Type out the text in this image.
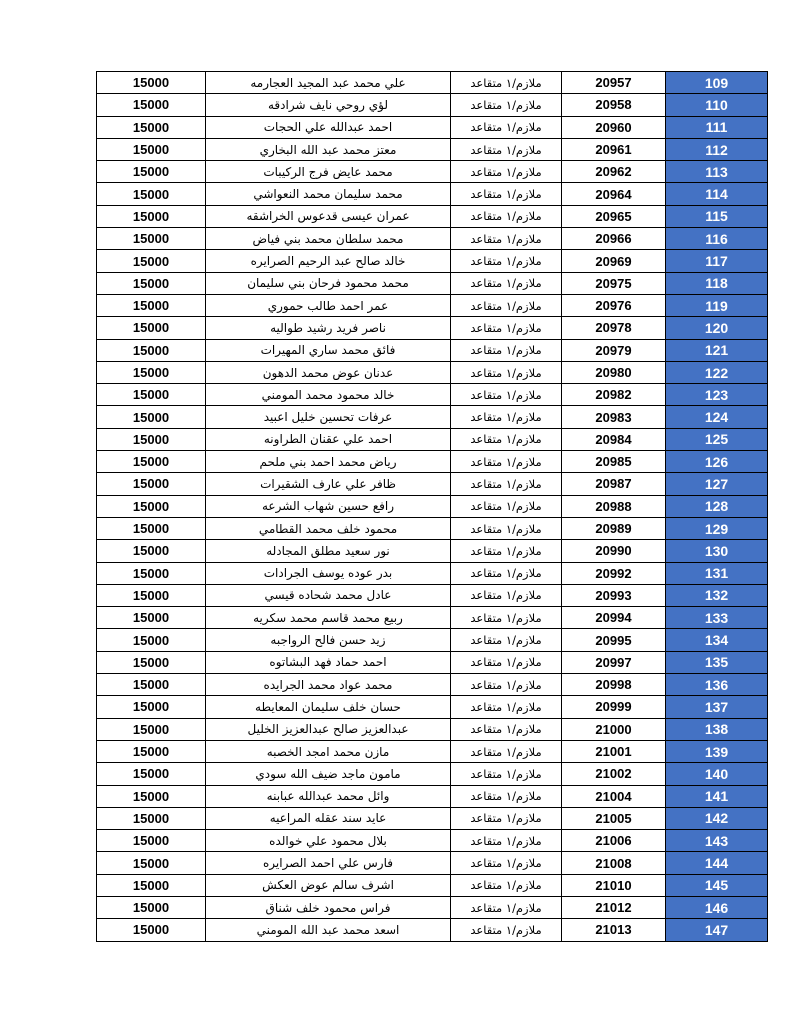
15000	علي محمد عبد المجيد العجارمه	ملازم/١ متقاعد	20957	109
15000	لؤي روحي نايف شرادقه	ملازم/١ متقاعد	20958	110
15000	احمد عبدالله علي الحجات	ملازم/١ متقاعد	20960	111
15000	معتز محمد عبد الله البخاري	ملازم/١ متقاعد	20961	112
15000	محمد عايض فرج الركيبات	ملازم/١ متقاعد	20962	113
15000	محمد سليمان محمد النعواشي	ملازم/١ متقاعد	20964	114
15000	عمران عيسى قدعوس الخراشقه	ملازم/١ متقاعد	20965	115
15000	محمد سلطان محمد بني فياض	ملازم/١ متقاعد	20966	116
15000	خالد صالح عبد الرحيم الصرايره	ملازم/١ متقاعد	20969	117
15000	محمد محمود فرحان بني سليمان	ملازم/١ متقاعد	20975	118
15000	عمر احمد طالب حموري	ملازم/١ متقاعد	20976	119
15000	ناصر فريد رشيد طواليه	ملازم/١ متقاعد	20978	120
15000	فائق محمد ساري المهيرات	ملازم/١ متقاعد	20979	121
15000	عدنان عوض محمد الدهون	ملازم/١ متقاعد	20980	122
15000	خالد محمود محمد المومني	ملازم/١ متقاعد	20982	123
15000	عرفات تحسين خليل اعبيد	ملازم/١ متقاعد	20983	124
15000	احمد علي عقنان الطراونه	ملازم/١ متقاعد	20984	125
15000	رياض محمد احمد بني ملحم	ملازم/١ متقاعد	20985	126
15000	ظافر علي عارف الشقيرات	ملازم/١ متقاعد	20987	127
15000	رافع حسين شهاب الشرعه	ملازم/١ متقاعد	20988	128
15000	محمود خلف محمد القطامي	ملازم/١ متقاعد	20989	129
15000	نور سعيد مطلق المجادله	ملازم/١ متقاعد	20990	130
15000	بدر عوده يوسف الجرادات	ملازم/١ متقاعد	20992	131
15000	عادل محمد شحاده قيسي	ملازم/١ متقاعد	20993	132
15000	ربيع محمد قاسم محمد سكريه	ملازم/١ متقاعد	20994	133
15000	زيد حسن فالح الرواجبه	ملازم/١ متقاعد	20995	134
15000	احمد حماد فهد البشاتوه	ملازم/١ متقاعد	20997	135
15000	محمد عواد محمد الجرايده	ملازم/١ متقاعد	20998	136
15000	حسان خلف سليمان المعايطه	ملازم/١ متقاعد	20999	137
15000	عبدالعزيز صالح عبدالعزيز الخليل	ملازم/١ متقاعد	21000	138
15000	مازن محمد امجد الخصبه	ملازم/١ متقاعد	21001	139
15000	مامون ماجد ضيف الله سودي	ملازم/١ متقاعد	21002	140
15000	وائل محمد عبدالله عبابنه	ملازم/١ متقاعد	21004	141
15000	عايد سند عقله المراعيه	ملازم/١ متقاعد	21005	142
15000	بلال محمود علي خوالده	ملازم/١ متقاعد	21006	143
15000	فارس علي احمد الصرايره	ملازم/١ متقاعد	21008	144
15000	اشرف سالم عوض العكش	ملازم/١ متقاعد	21010	145
15000	فراس محمود خلف شناق	ملازم/١ متقاعد	21012	146
15000	اسعد محمد عبد الله المومني	ملازم/١ متقاعد	21013	147
